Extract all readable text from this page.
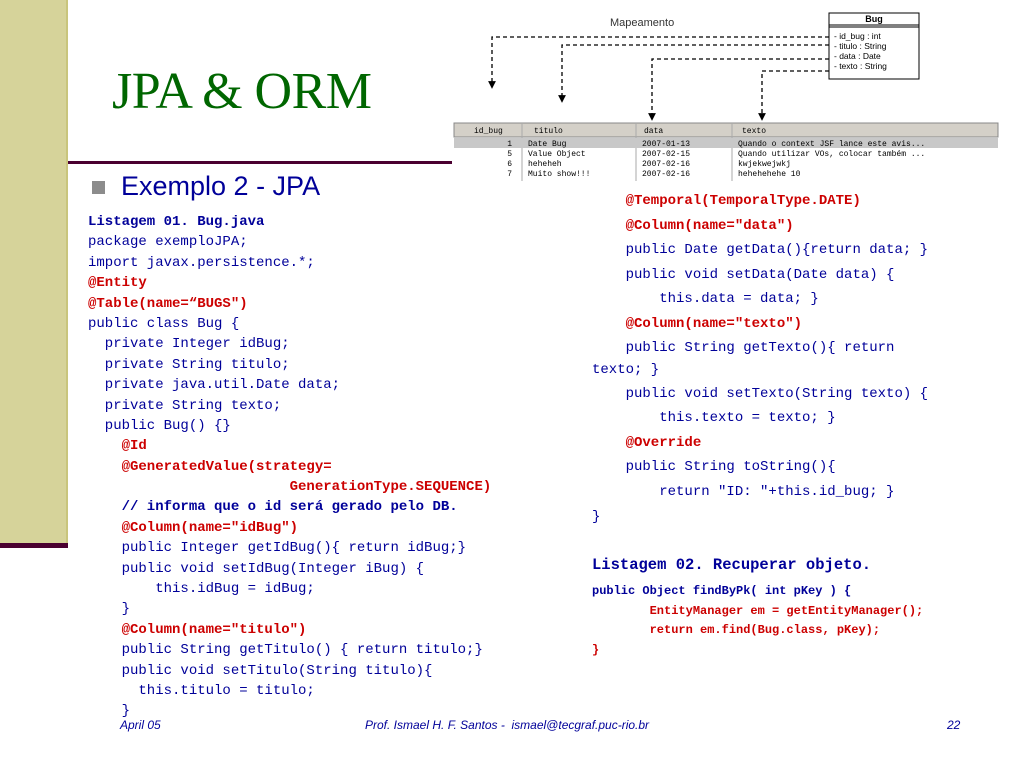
JPA & ORM
Exemplo 2 - JPA
Mapeamento	Bug
- id_bug : int
- titulo : String
- data : Date
- texto : String
id_bug	titulo	data	texto
1 Date Bug	2007-01-13	Quando o context JSF lance este avis...
5 Value Object	2007-02-15	Quando utilizar VOs, colocar também ...
6 heheheh	2007-02-16	kwjekwejwkj
7 Muito show!!!	2007-02-16	hehehehehe 10
Listagem 01. Bug.java
package exemploJPA;
import javax.persistence.*;
@Entity
@Table(name=“BUGS")
public class Bug {
private Integer idBug;
private String titulo;
private java.util.Date data;
private String texto;
public Bug() {}
@Id
@GeneratedValue(strategy=
GenerationType.SEQUENCE)
// informa que o id será gerado pelo DB.
@Column(name="idBug")
public Integer getIdBug(){ return idBug;}
public void setIdBug(Integer iBug) {
this.idBug = idBug;
}
@Column(name="titulo")
public String getTitulo() { return titulo;}
public void setTitulo(String titulo){
this.titulo = titulo;
}
@Temporal(TemporalType.DATE)
@Column(name="data")
public Date getData(){return data; }
public void setData(Date data) {
this.data = data; }
@Column(name="texto")
public String getTexto(){ return
texto; }
public void setTexto(String texto) {
this.texto = texto; }
@Override
public String toString(){
return "ID: "+this.id_bug; }
}
Listagem 02. Recuperar objeto.
public Object findByPk( int pKey ) {
EntityManager em = getEntityManager();
return em.find(Bug.class, pKey);
}
April 05	Prof. Ismael H. F. Santos -  ismael@tecgraf.puc-rio.br	22
